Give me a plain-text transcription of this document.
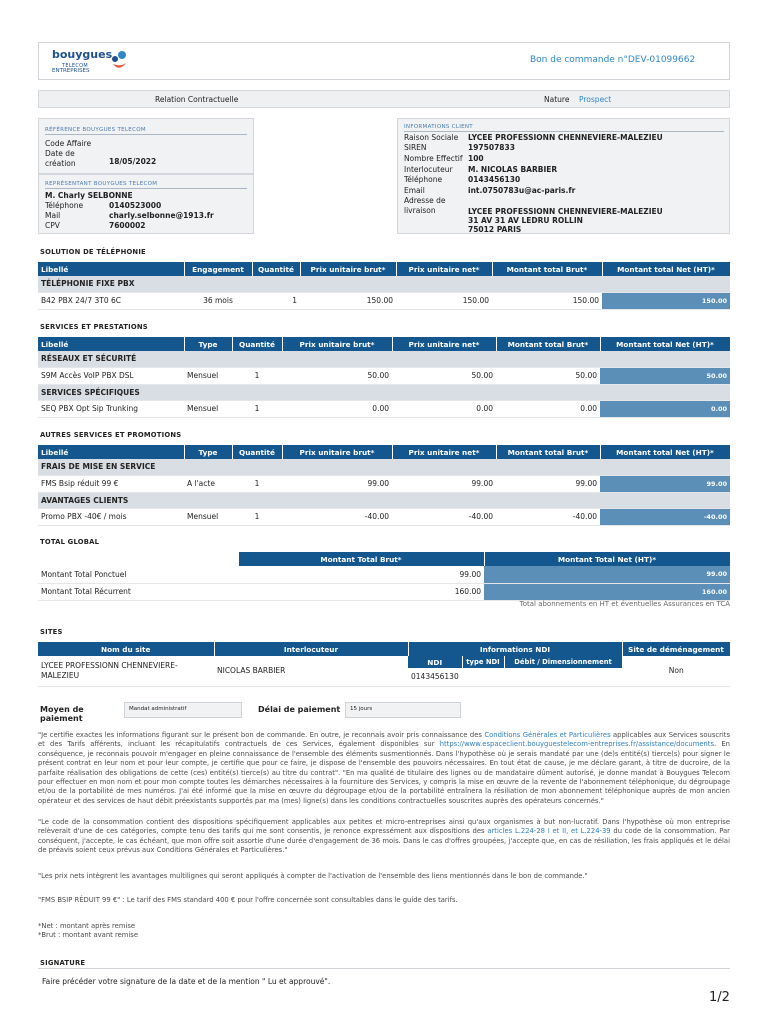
bouygues
TELECOM
ENTREPRISES
Bon de commande n°DEV-01099662
Relation Contractuelle	Nature Prospect
RÉFÉRENCE BOUYGUES TELECOM
Code Affaire
Date de création	18/05/2022
REPRÉSENTANT BOUYGUES TELECOM
M. Charly SELBONNE
Téléphone	0140523000
Mail	charly.selbonne@1913.fr
CPV	7600002
INFORMATIONS CLIENT
Raison Sociale LYCEE PROFESSIONN CHENNEVIERE-MALEZIEU
SIREN	197507833
Nombre Effectif 100
Interlocuteur M. NICOLAS BARBIER
Téléphone	0143456130
Email	int.0750783u@ac-paris.fr
Adresse de livraison	LYCEE PROFESSIONN CHENNEVIERE-MALEZIEU
31 AV 31 AV LEDRU ROLLIN
75012 PARIS
SOLUTION DE TÉLÉPHONIE
Libellé	Engagement	Quantité	Prix unitaire brut*	Prix unitaire net*	Montant total Brut*	Montant total Net (HT)*
TÉLÉPHONIE FIXE PBX						
B42 PBX 24/7 3T0 6C	36 mois	1	150.00	150.00	150.00	150.00
SERVICES ET PRESTATIONS
Libellé	Type	Quantité	Prix unitaire brut*	Prix unitaire net*	Montant total Brut*	Montant total Net (HT)*
RÉSEAUX ET SÉCURITÉ						
S9M Accès VoIP PBX DSL	Mensuel	1	50.00	50.00	50.00	50.00
SERVICES SPÉCIFIQUES						
SEQ PBX Opt Sip Trunking	Mensuel	1	0.00	0.00	0.00	0.00
AUTRES SERVICES ET PROMOTIONS
Libellé	Type	Quantité	Prix unitaire brut*	Prix unitaire net*	Montant total Brut*	Montant total Net (HT)*
FRAIS DE MISE EN SERVICE						
FMS Bsip réduit 99 €	A l'acte	1	99.00	99.00	99.00	99.00
AVANTAGES CLIENTS						
Promo PBX -40€ / mois	Mensuel	1	-40.00	-40.00	-40.00	-40.00
TOTAL GLOBAL
	Montant Total Brut*	Montant Total Net (HT)*
Montant Total Ponctuel	99.00	99.00
Montant Total Récurrent	160.00	160.00
Total abonnements en HT et éventuelles Assurances en TCA
SITES
Nom du site	Interlocuteur	Informations NDI			Site de déménagement
LYCEE PROFESSIONN CHENNEVIERE-MALEZIEU	NICOLAS BARBIER	NDI	type NDI	Débit / Dimensionnement	Non
		0143456130			
Moyen de paiement
Mandat administratif	Délai de paiement	15 jours
"Je certifie exactes les informations figurant sur le présent bon de commande. En outre, je reconnais avoir pris connaissance des Conditions Générales et Particulières applicables aux Services souscrits et des Tarifs afférents, incluant les récapitulatifs contractuels de ces Services, également disponibles sur https://www.espaceclient.bouyguestelecom-entreprises.fr/assistance/documents. En conséquence, je reconnais pouvoir m'engager en pleine connaissance de l'ensemble des éléments susmentionnés. Dans l'hypothèse où je serais mandaté par une (de)s entité(s) tierce(s) pour signer le présent contrat en leur nom et pour leur compte, je certifie que pour ce faire, je dispose de l'ensemble des pouvoirs nécessaires. En tout état de cause, je me déclare garant, à titre de ducroire, de la parfaite réalisation des obligations de cette (ces) entité(s) tierce(s) au titre du contrat". "En ma qualité de titulaire des lignes ou de mandataire dûment autorisé, je donne mandat à Bouygues Telecom pour effectuer en mon nom et pour mon compte toutes les démarches nécessaires à la fourniture des Services, y compris la mise en œuvre de la revente de l'abonnement téléphonique, du dégroupage et/ou de la portabilité de mes numéros. J'ai été informé que la mise en œuvre du dégroupage et/ou de la portabilité entraînera la résiliation de mon abonnement téléphonique auprès de mon ancien opérateur et des services de haut débit préexistants supportés par ma (mes) ligne(s) dans les conditions contractuelles souscrites auprès des opérateurs concernés."
"Le code de la consommation contient des dispositions spécifiquement applicables aux petites et micro-entreprises ainsi qu'aux organismes à but non-lucratif. Dans l'hypothèse où mon entreprise relèverait d'une de ces catégories, compte tenu des tarifs qui me sont consentis, je renonce expressément aux dispositions des articles L.224-28 I et II, et L.224-39 du code de la consommation. Par conséquent, j'accepte, le cas échéant, que mon offre soit assortie d'une durée d'engagement de 36 mois. Dans le cas d'offres groupées, j'accepte que, en cas de résiliation, les frais appliqués et le délai de préavis soient ceux prévus aux Conditions Générales et Particulières."
"Les prix nets intègrent les avantages multilignes qui seront appliqués à compter de l'activation de l'ensemble des liens mentionnés dans le bon de commande."
"FMS BSIP RÉDUIT 99 €" : Le tarif des FMS standard 400 € pour l'offre concernée sont consultables dans le guide des tarifs.
*Net : montant après remise
*Brut : montant avant remise
SIGNATURE
Faire précéder votre signature de la date et de la mention " Lu et approuvé".
1/2
